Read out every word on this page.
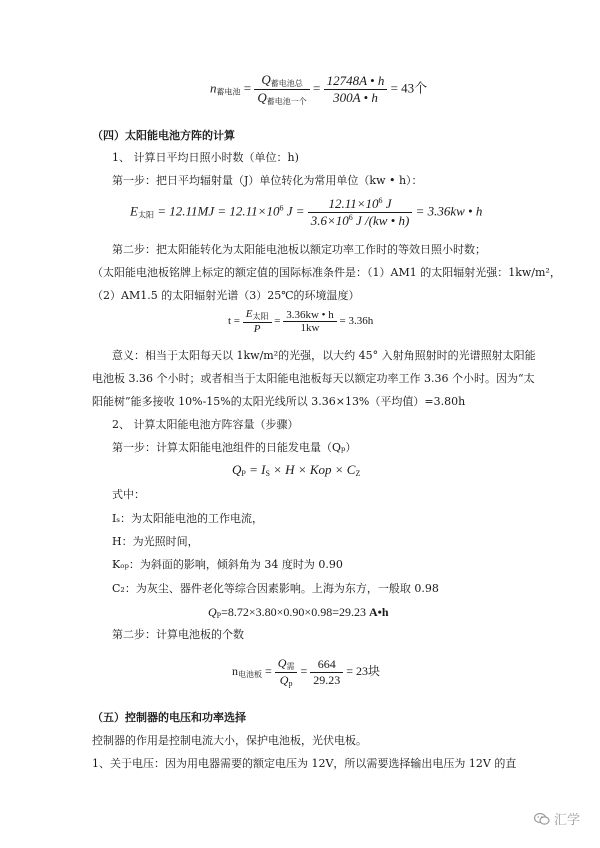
$n_{蓄电池} = \frac{Q_{蓄电池总}}{Q_{蓄电池一个}} = \frac{12748A • h}{300A • h} = 43$个
（四）太阳能电池方阵的计算
1、 计算日平均日照小时数（单位：h)
第一步：把日平均辐射量（J）单位转化为常用单位（kw • h）：
$E_{太阳} = 12.11MJ = 12.11\times 10^6$ $J = \frac{12.11\times 10^6 J}{3.6\times 10^6 J /(kw • h)} = 3.36kw$ • h
第二步：把太阳能转化为太阳能电池板以额定功率工作时的等效日照小时数；
（太阳能电池板铭牌上标定的额定值的国际标准条件是：（1）AM1 的太阳辐射光强：1kw/m²，
（2）AM1.5 的太阳辐射光谱（3）25℃的环境温度）
$t = \frac{E_{太阳}}{P} = \frac{3.36kw • h}{1kw} = 3.36h$
意义：相当于太阳每天以 1kw/m²的光强，以大约 45° 入射角照射时的光谱照射太阳能
电池板 3.36 个小时；或者相当于太阳能电池板每天以额定功率工作 3.36 个小时。因为“太
阳能树”能多接收 10%-15%的太阳光线所以 3.36×13%（平均值）=3.80h
2、 计算太阳能电池方阵容量（步骤）
第一步：计算太阳能电池组件的日能发电量（Qₚ）
$Q_P = I_S \times H$ × Kop × $C_Z$
式中：
Iₛ：为太阳能电池的工作电流，
H：为光照时间，
Kₒₚ：为斜面的影响，倾斜角为 34 度时为 0.90
C₂：为灰尘、器件老化等综合因素影响。上海为东方，一般取 0.98
$Q_P=8.72\times 3.80\times 0.90\times 0.98=29.23$ A•h
第二步：计算电池板的个数
$n_{电池板} = \frac{Q_需}{Q_p} = \frac{664}{29.23} = 23$块
（五）控制器的电压和功率选择
控制器的作用是控制电流大小，保护电池板，光伏电板。
1、关于电压：因为用电器需要的额定电压为 12V，所以需要选择输出电压为 12V 的直
汇学
